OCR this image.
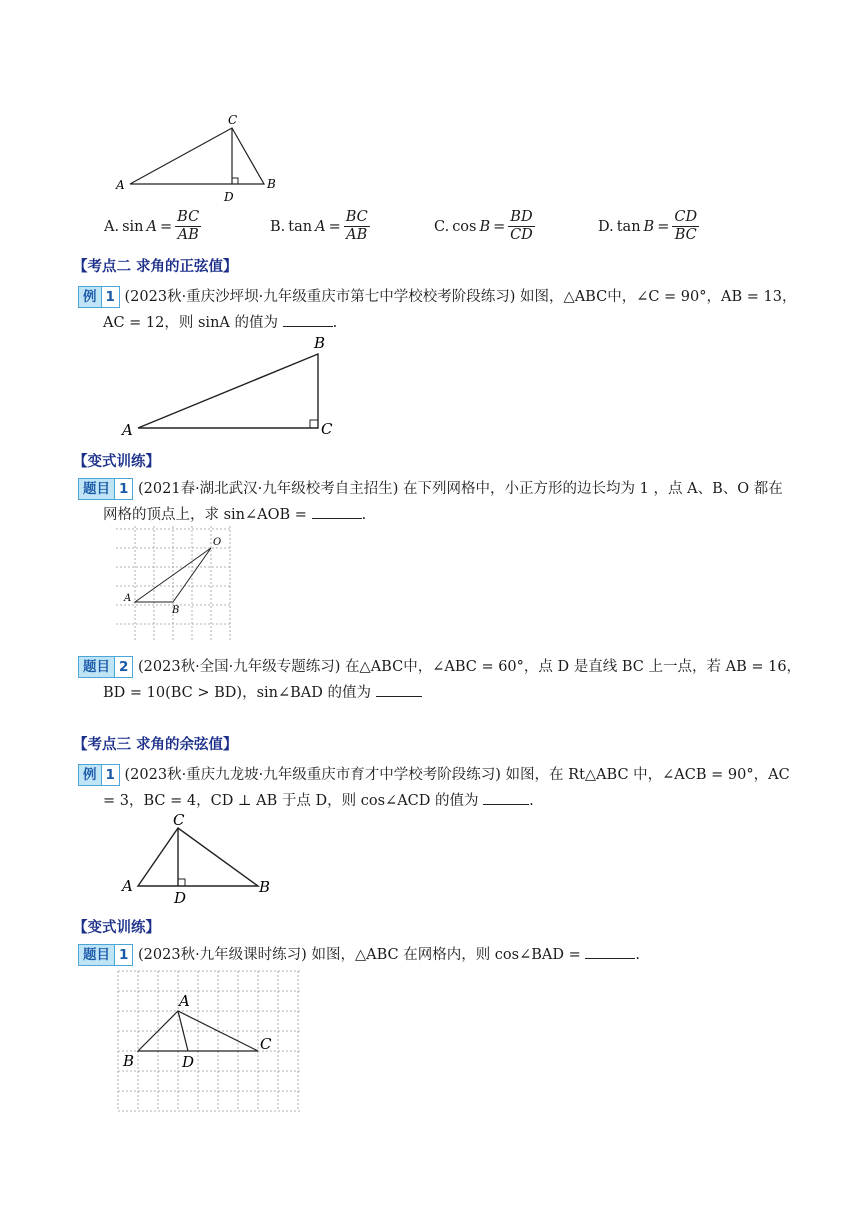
A	B
C
D
A. $\sin A = \frac{BC}{AB}$	B. $\tan A = \frac{BC}{AB}$	C. $\cos B = \frac{BD}{CD}$	D. $\tan B = \frac{CD}{BC}$
【考点二 求角的正弦值】
例 1 (2023秋·重庆沙坪坝·九年级重庆市第七中学校校考阶段练习) 如图，△ABC中，∠C = 90°，AB = 13，
AC = 12，则 sinA 的值为	.
A
B
C
【变式训练】
题目 1 (2021春·湖北武汉·九年级校考自主招生) 在下列网格中，小正方形的边长均为 1 ，点 A、B、O 都在
网格的顶点上，求 sin∠AOB =	.
A
B
O
题目 2 (2023秋·全国·九年级专题练习) 在△ABC中，∠ABC = 60°，点 D 是直线 BC 上一点，若 AB = 16，
BD = 10(BC > BD)，sin∠BAD 的值为
【考点三 求角的余弦值】
例 1 (2023秋·重庆九龙坡·九年级重庆市育才中学校考阶段练习) 如图，在 Rt△ABC 中，∠ACB = 90°，AC
= 3，BC = 4，CD ⊥ AB 于点 D，则 cos∠ACD 的值为	.
A	B
C
D
【变式训练】
题目 1 (2023秋·九年级课时练习) 如图，△ABC 在网格内，则 cos∠BAD =	.
B
A
C
D
